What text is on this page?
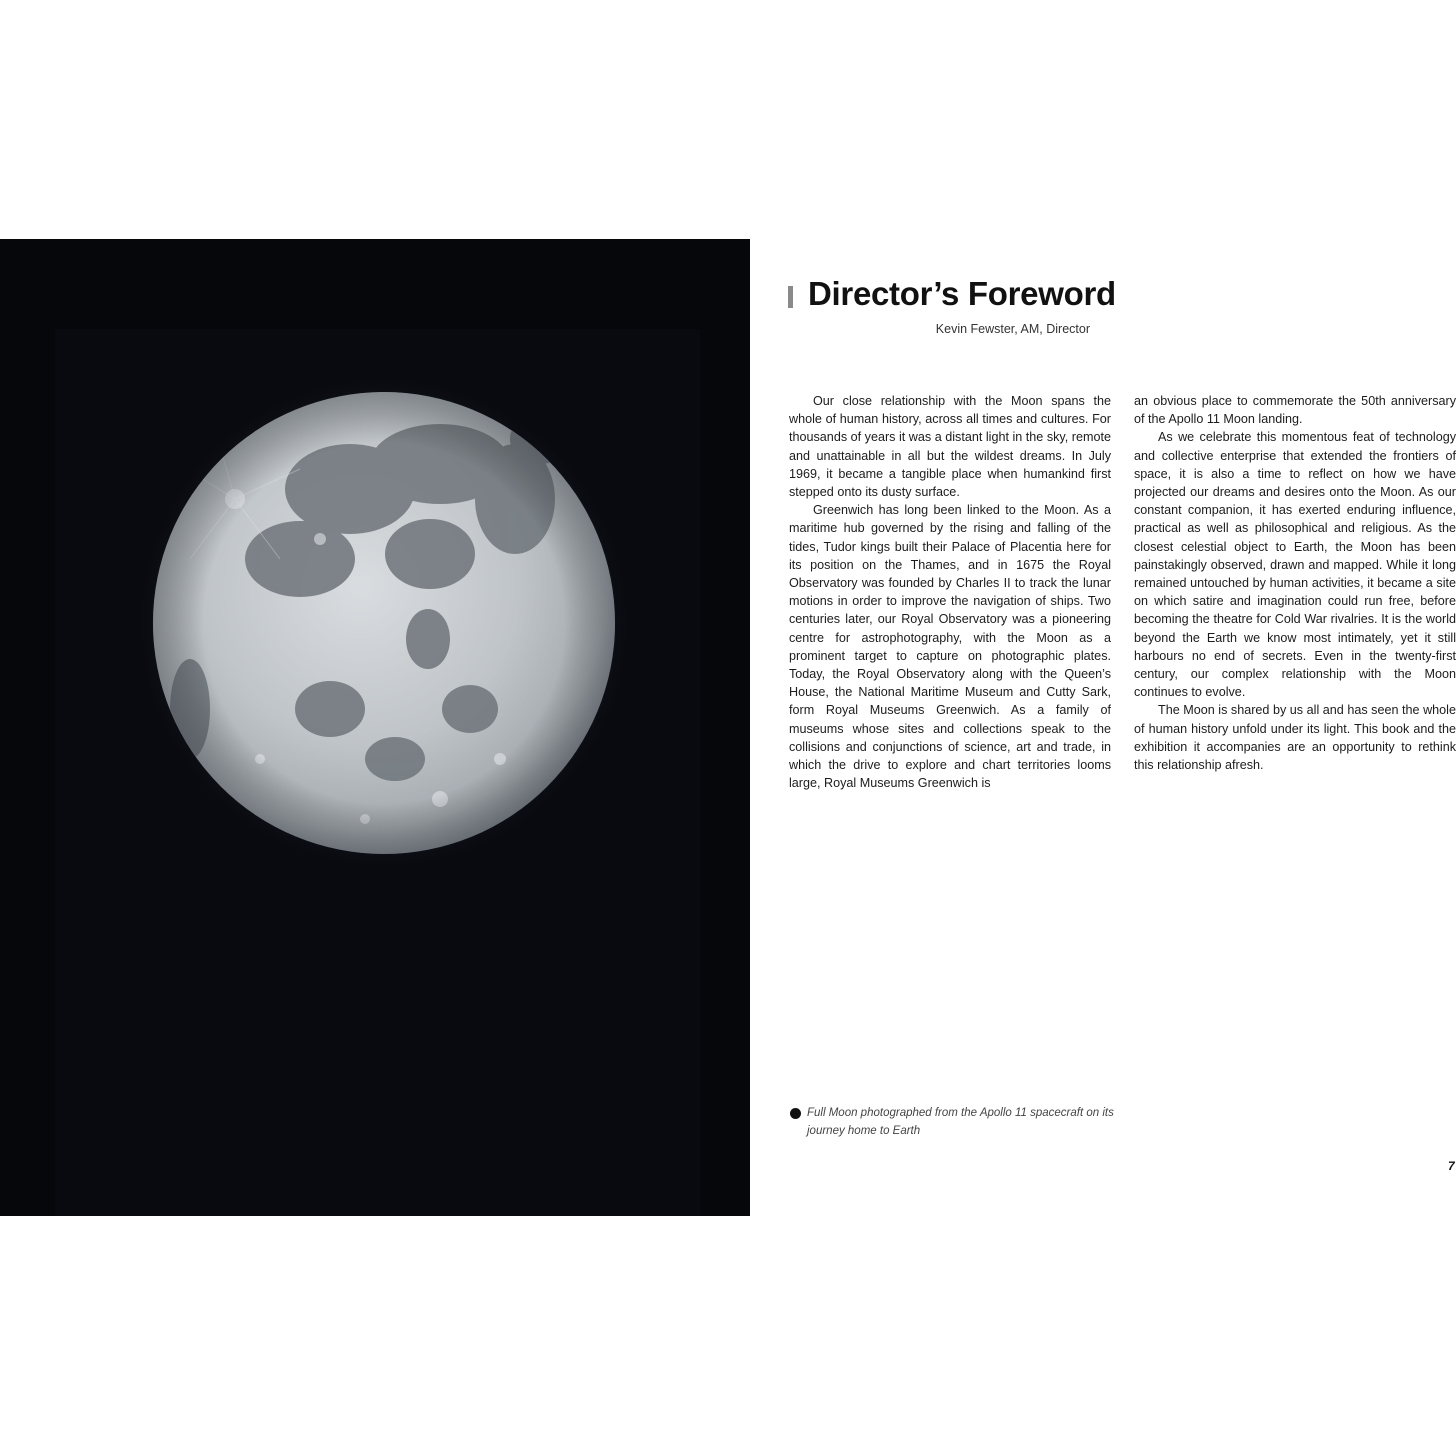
Director’s Foreword
Kevin Fewster, AM, Director

Our close relationship with the Moon spans the whole of human history, across all times and cultures. For thousands of years it was a distant light in the sky, remote and unattainable in all but the wildest dreams. In July 1969, it became a tangible place when humankind first stepped onto its dusty surface.

Greenwich has long been linked to the Moon. As a maritime hub governed by the rising and falling of the tides, Tudor kings built their Palace of Placentia here for its position on the Thames, and in 1675 the Royal Observatory was founded by Charles II to track the lunar motions in order to improve the navigation of ships. Two centuries later, our Royal Observatory was a pioneering centre for astrophotography, with the Moon as a prominent target to capture on photographic plates. Today, the Royal Observatory along with the Queen’s House, the National Maritime Museum and Cutty Sark, form Royal Museums Greenwich. As a family of museums whose sites and collections speak to the collisions and conjunctions of science, art and trade, in which the drive to explore and chart territories looms large, Royal Museums Greenwich is

an obvious place to commemorate the 50th anniversary of the Apollo 11 Moon landing.

As we celebrate this momentous feat of technology and collective enterprise that extended the frontiers of space, it is also a time to reflect on how we have projected our dreams and desires onto the Moon. As our constant companion, it has exerted enduring influence, practical as well as philosophical and religious. As the closest celestial object to Earth, the Moon has been painstakingly observed, drawn and mapped. While it long remained untouched by human activities, it became a site on which satire and imagination could run free, before becoming the theatre for Cold War rivalries. It is the world beyond the Earth we know most intimately, yet it still harbours no end of secrets. Even in the twenty-first century, our complex relationship with the Moon continues to evolve.

The Moon is shared by us all and has seen the whole of human history unfold under its light. This book and the exhibition it accompanies are an opportunity to rethink this relationship afresh.

Full Moon photographed from the Apollo 11 spacecraft on its journey home to Earth
7
